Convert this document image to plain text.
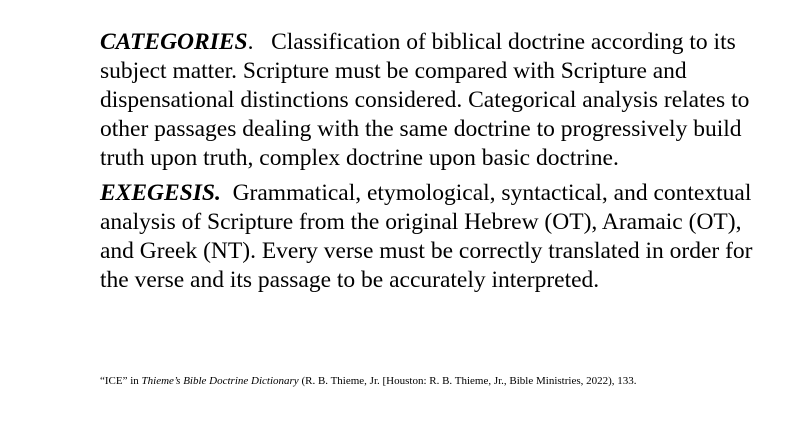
CATEGORIES. Classification of biblical doctrine according to its subject matter. Scripture must be compared with Scripture and dispensational distinctions considered. Categorical analysis relates to other passages dealing with the same doctrine to progressively build truth upon truth, complex doctrine upon basic doctrine.

EXEGESIS. Grammatical, etymological, syntactical, and contextual analysis of Scripture from the original Hebrew (OT), Aramaic (OT), and Greek (NT). Every verse must be correctly translated in order for the verse and its passage to be accurately interpreted.

“ICE” in Thieme’s Bible Doctrine Dictionary (R. B. Thieme, Jr. [Houston: R. B. Thieme, Jr., Bible Ministries, 2022), 133.
